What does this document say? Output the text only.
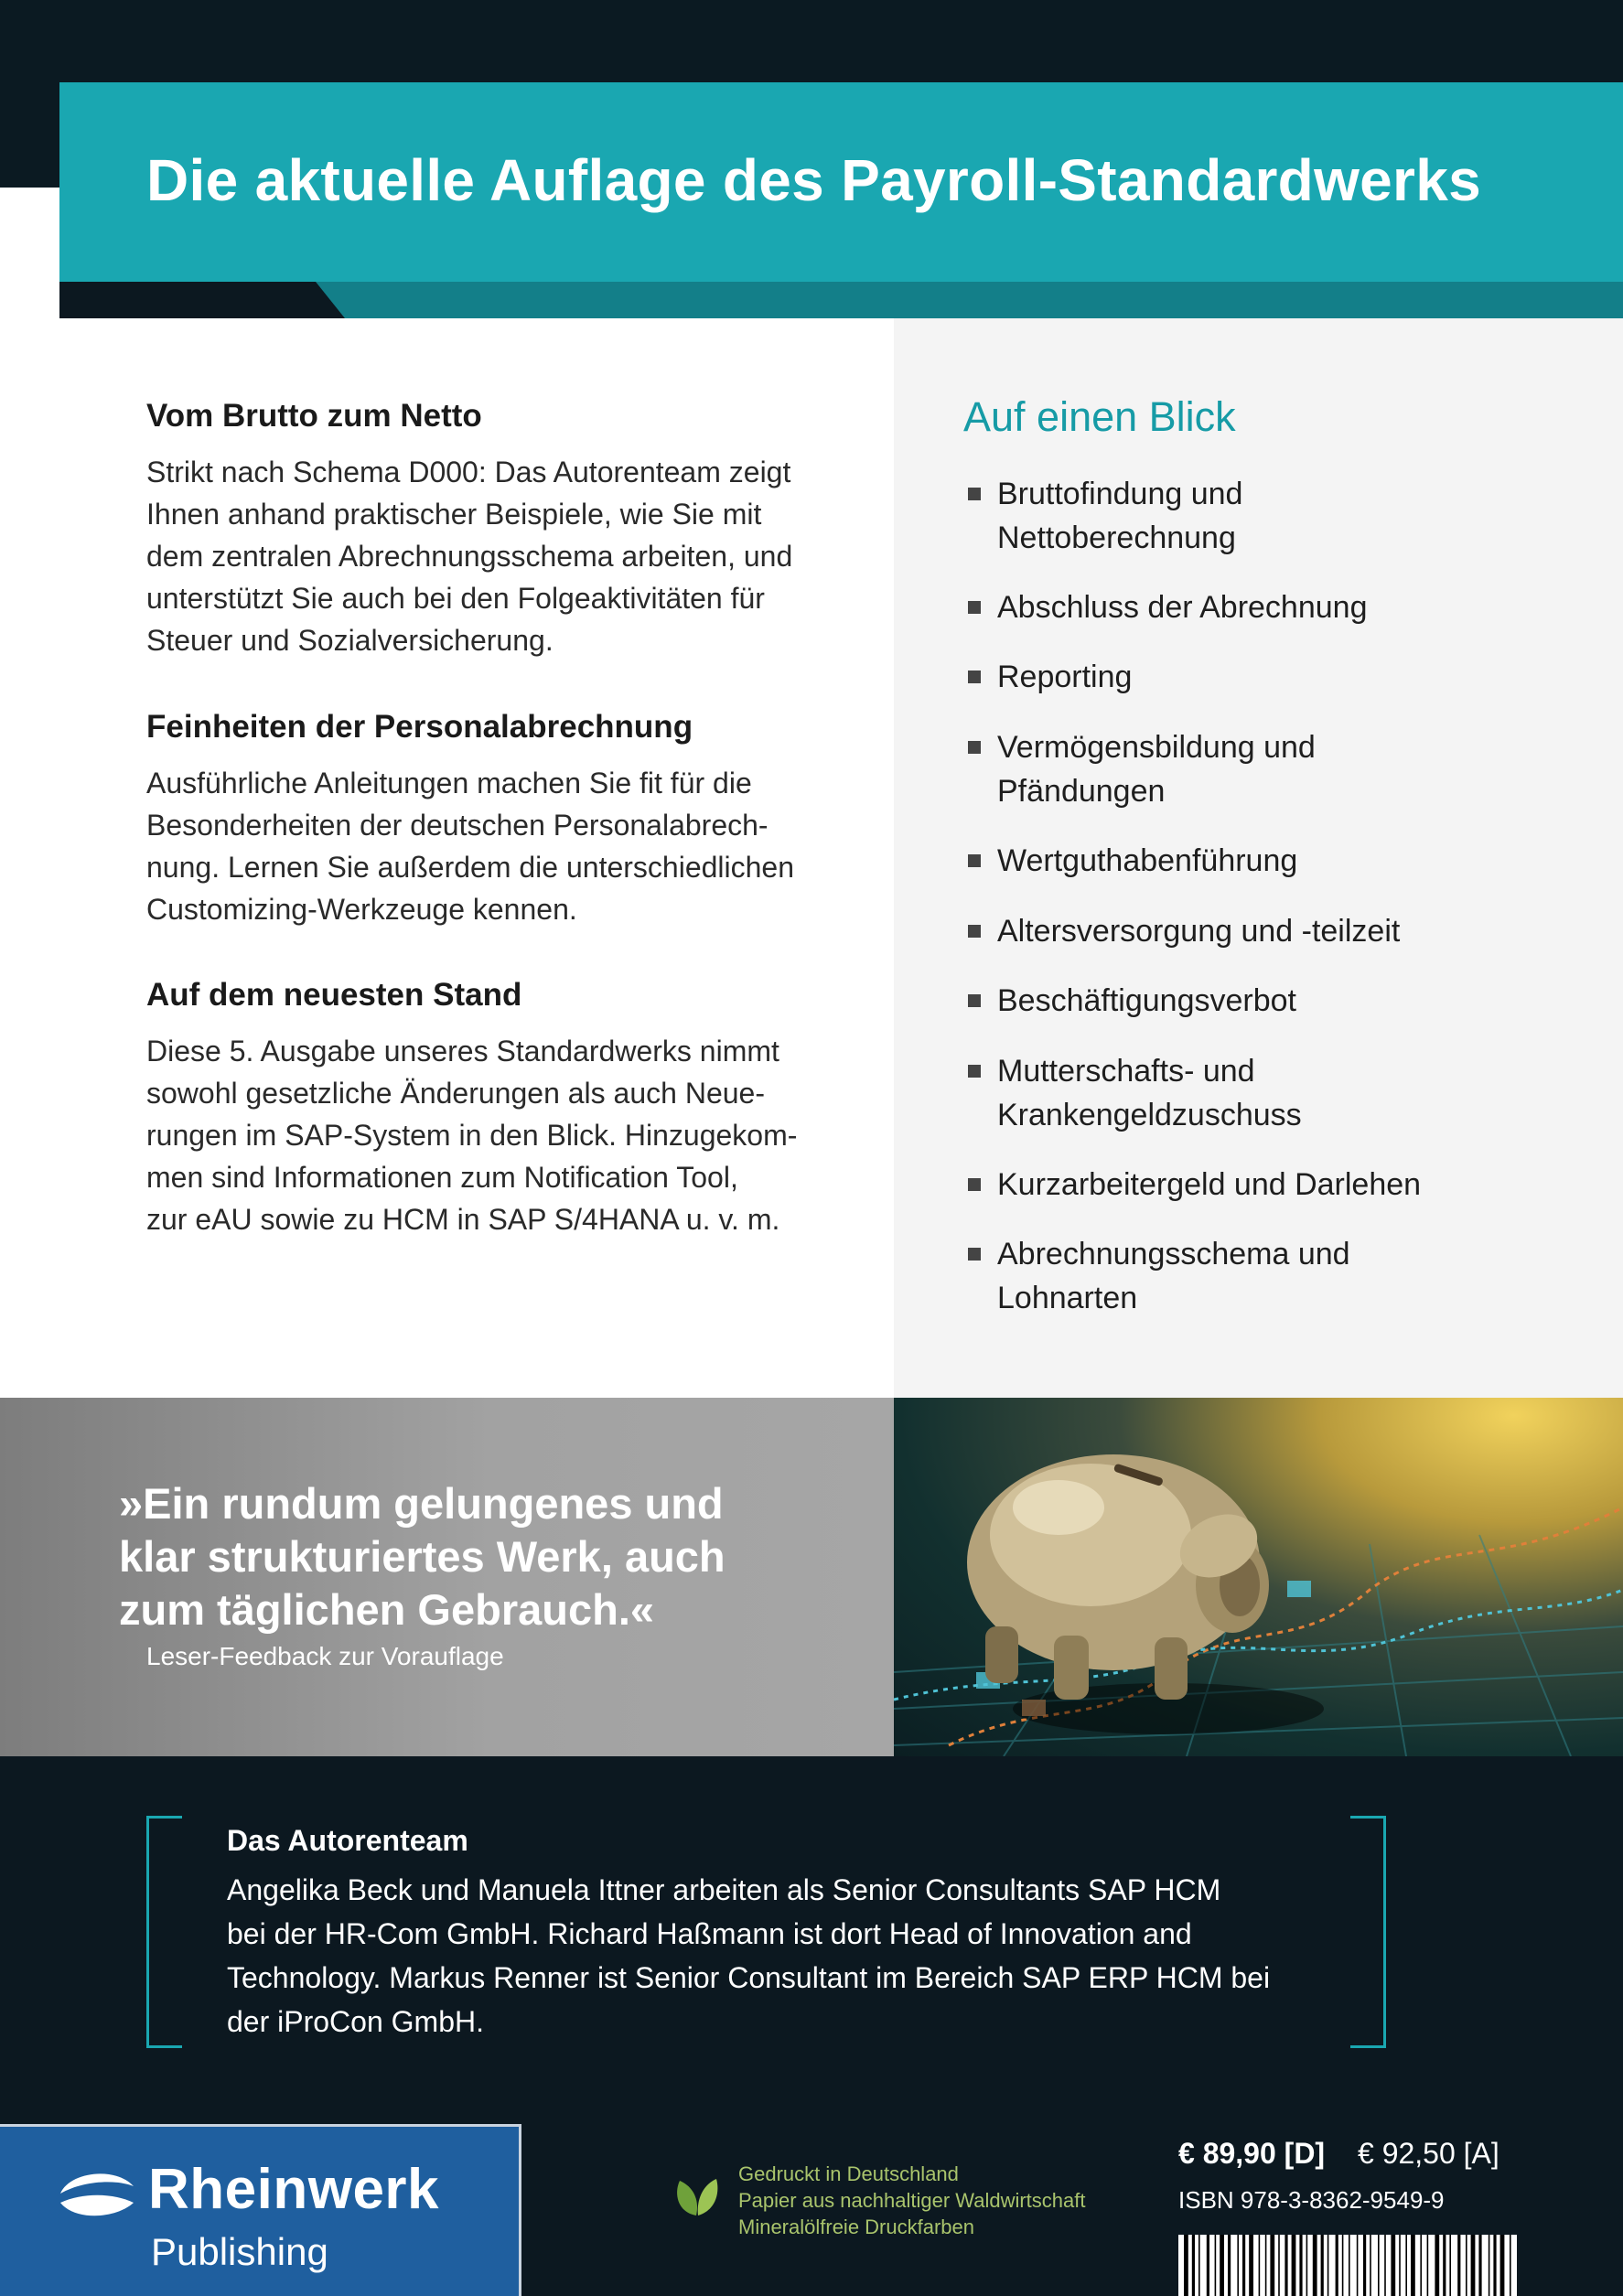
Die aktuelle Auflage des Payroll-Standardwerks
Vom Brutto zum Netto
Strikt nach Schema D000: Das Autorenteam zeigt
Ihnen anhand praktischer Beispiele, wie Sie mit
dem zentralen Abrechnungsschema arbeiten, und
unterstützt Sie auch bei den Folgeaktivitäten für
Steuer und Sozialversicherung.
Feinheiten der Personalabrechnung
Ausführliche Anleitungen machen Sie fit für die
Besonderheiten der deutschen Personalabrech-
nung. Lernen Sie außerdem die unterschiedlichen
Customizing-Werkzeuge kennen.
Auf dem neuesten Stand
Diese 5. Ausgabe unseres Standardwerks nimmt
sowohl gesetzliche Änderungen als auch Neue-
rungen im SAP-System in den Blick. Hinzugekom-
men sind Informationen zum Notification Tool,
zur eAU sowie zu HCM in SAP S/4HANA u. v. m.
Auf einen Blick
Bruttofindung und
Nettoberechnung
Abschluss der Abrechnung
Reporting
Vermögensbildung und
Pfändungen
Wertguthabenführung
Altersversorgung und -teilzeit
Beschäftigungsverbot
Mutterschafts- und
Krankengeldzuschuss
Kurzarbeitergeld und Darlehen
Abrechnungsschema und
Lohnarten
»Ein rundum gelungenes und
klar strukturiertes Werk, auch
zum täglichen Gebrauch.«
Leser-Feedback zur Vorauflage
Das Autorenteam
Angelika Beck und Manuela Ittner arbeiten als Senior Consultants SAP HCM
bei der HR-Com GmbH. Richard Haßmann ist dort Head of Innovation and
Technology. Markus Renner ist Senior Consultant im Bereich SAP ERP HCM bei
der iProCon GmbH.
Rheinwerk
Publishing
Gedruckt in Deutschland
Papier aus nachhaltiger Waldwirtschaft
Mineralölfreie Druckfarben
€ 89,90 [D] € 92,50 [A]
ISBN 978-3-8362-9549-9
